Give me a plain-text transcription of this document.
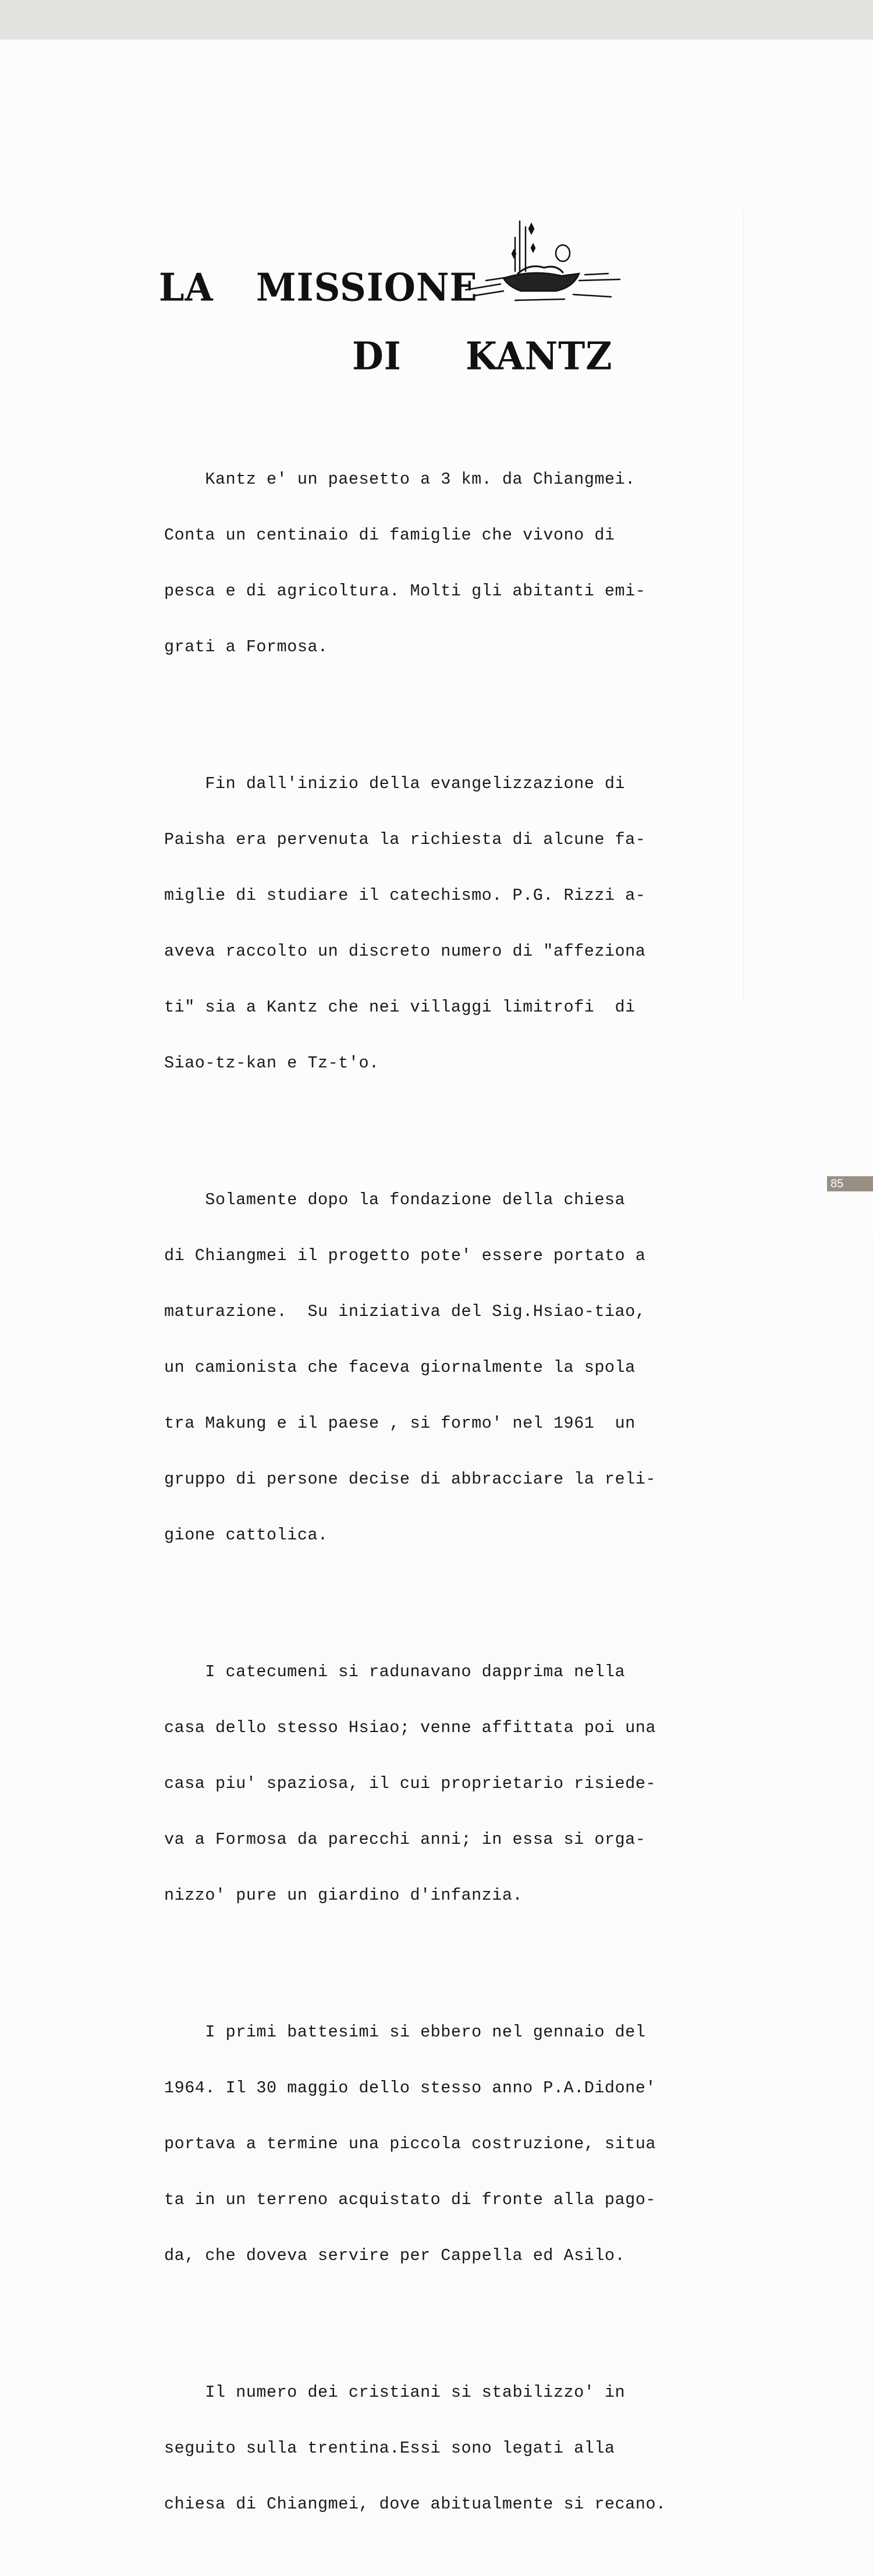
LA MISSIONE
DI KANTZ

Kantz e' un paesetto a 3 km. da Chiangmei.

Conta un centinaio di famiglie che vivono di

pesca e di agricoltura. Molti gli abitanti emi-

grati a Formosa.

Fin dall'inizio della evangelizzazione di

Paisha era pervenuta la richiesta di alcune fa-

miglie di studiare il catechismo. P.G. Rizzi a-

aveva raccolto un discreto numero di "affeziona

ti" sia a Kantz che nei villaggi limitrofi  di

Siao-tz-kan e Tz-t'o.

Solamente dopo la fondazione della chiesa

di Chiangmei il progetto pote' essere portato a

maturazione.  Su iniziativa del Sig.Hsiao-tiao,

un camionista che faceva giornalmente la spola

tra Makung e il paese , si formo' nel 1961  un

gruppo di persone decise di abbracciare la reli-

gione cattolica.

I catecumeni si radunavano dapprima nella

casa dello stesso Hsiao; venne affittata poi una

casa piu' spaziosa, il cui proprietario risiede-

va a Formosa da parecchi anni; in essa si orga-

nizzo' pure un giardino d'infanzia.

I primi battesimi si ebbero nel gennaio del

1964. Il 30 maggio dello stesso anno P.A.Didone'

portava a termine una piccola costruzione, situa

ta in un terreno acquistato di fronte alla pago-

da, che doveva servire per Cappella ed Asilo.

Il numero dei cristiani si stabilizzo' in

seguito sulla trentina.Essi sono legati alla

chiesa di Chiangmei, dove abitualmente si recano.

85
